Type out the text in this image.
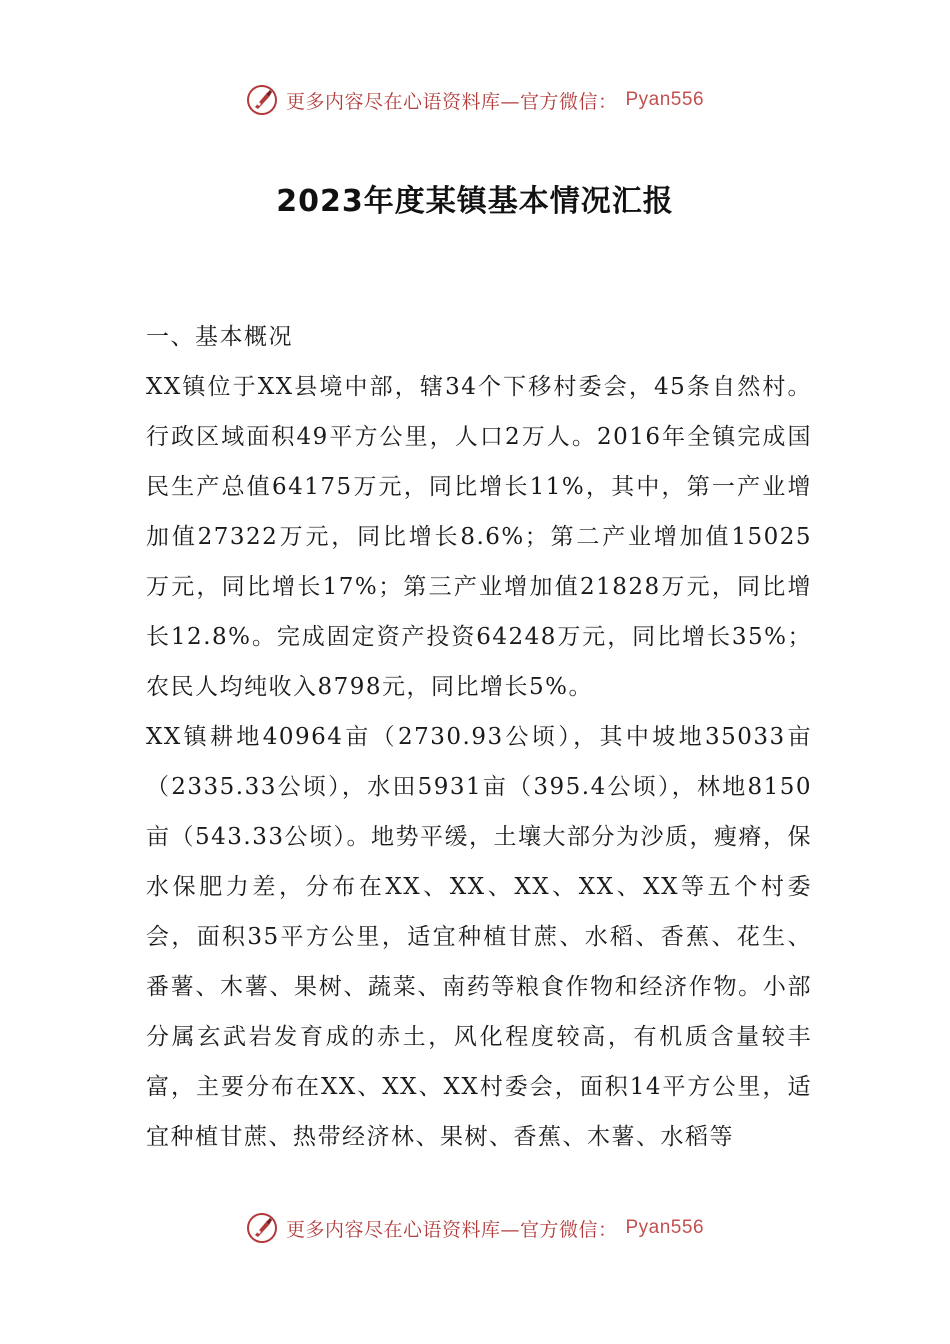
更多内容尽在心语资料库—官方微信： Pyan556
2023年度某镇基本情况汇报

一、基本概况

XX镇位于XX县境中部，辖34个下移村委会，45条自然村。行政区域面积49平方公里，人口2万人。2016年全镇完成国民生产总值64175万元，同比增长11%，其中，第一产业增加值27322万元，同比增长8.6%；第二产业增加值15025万元，同比增长17%；第三产业增加值21828万元，同比增长12.8%。完成固定资产投资64248万元，同比增长35%；农民人均纯收入8798元，同比增长5%。

XX镇耕地40964亩（2730.93公顷），其中坡地35033亩（2335.33公顷），水田5931亩（395.4公顷），林地8150亩（543.33公顷）。地势平缓，土壤大部分为沙质，瘦瘠，保水保肥力差，分布在XX、XX、XX、XX、XX等五个村委会，面积35平方公里，适宜种植甘蔗、水稻、香蕉、花生、番薯、木薯、果树、蔬菜、南药等粮食作物和经济作物。小部分属玄武岩发育成的赤土，风化程度较高，有机质含量较丰富，主要分布在XX、XX、XX村委会，面积14平方公里，适宜种植甘蔗、热带经济林、果树、香蕉、木薯、水稻等

更多内容尽在心语资料库—官方微信： Pyan556
